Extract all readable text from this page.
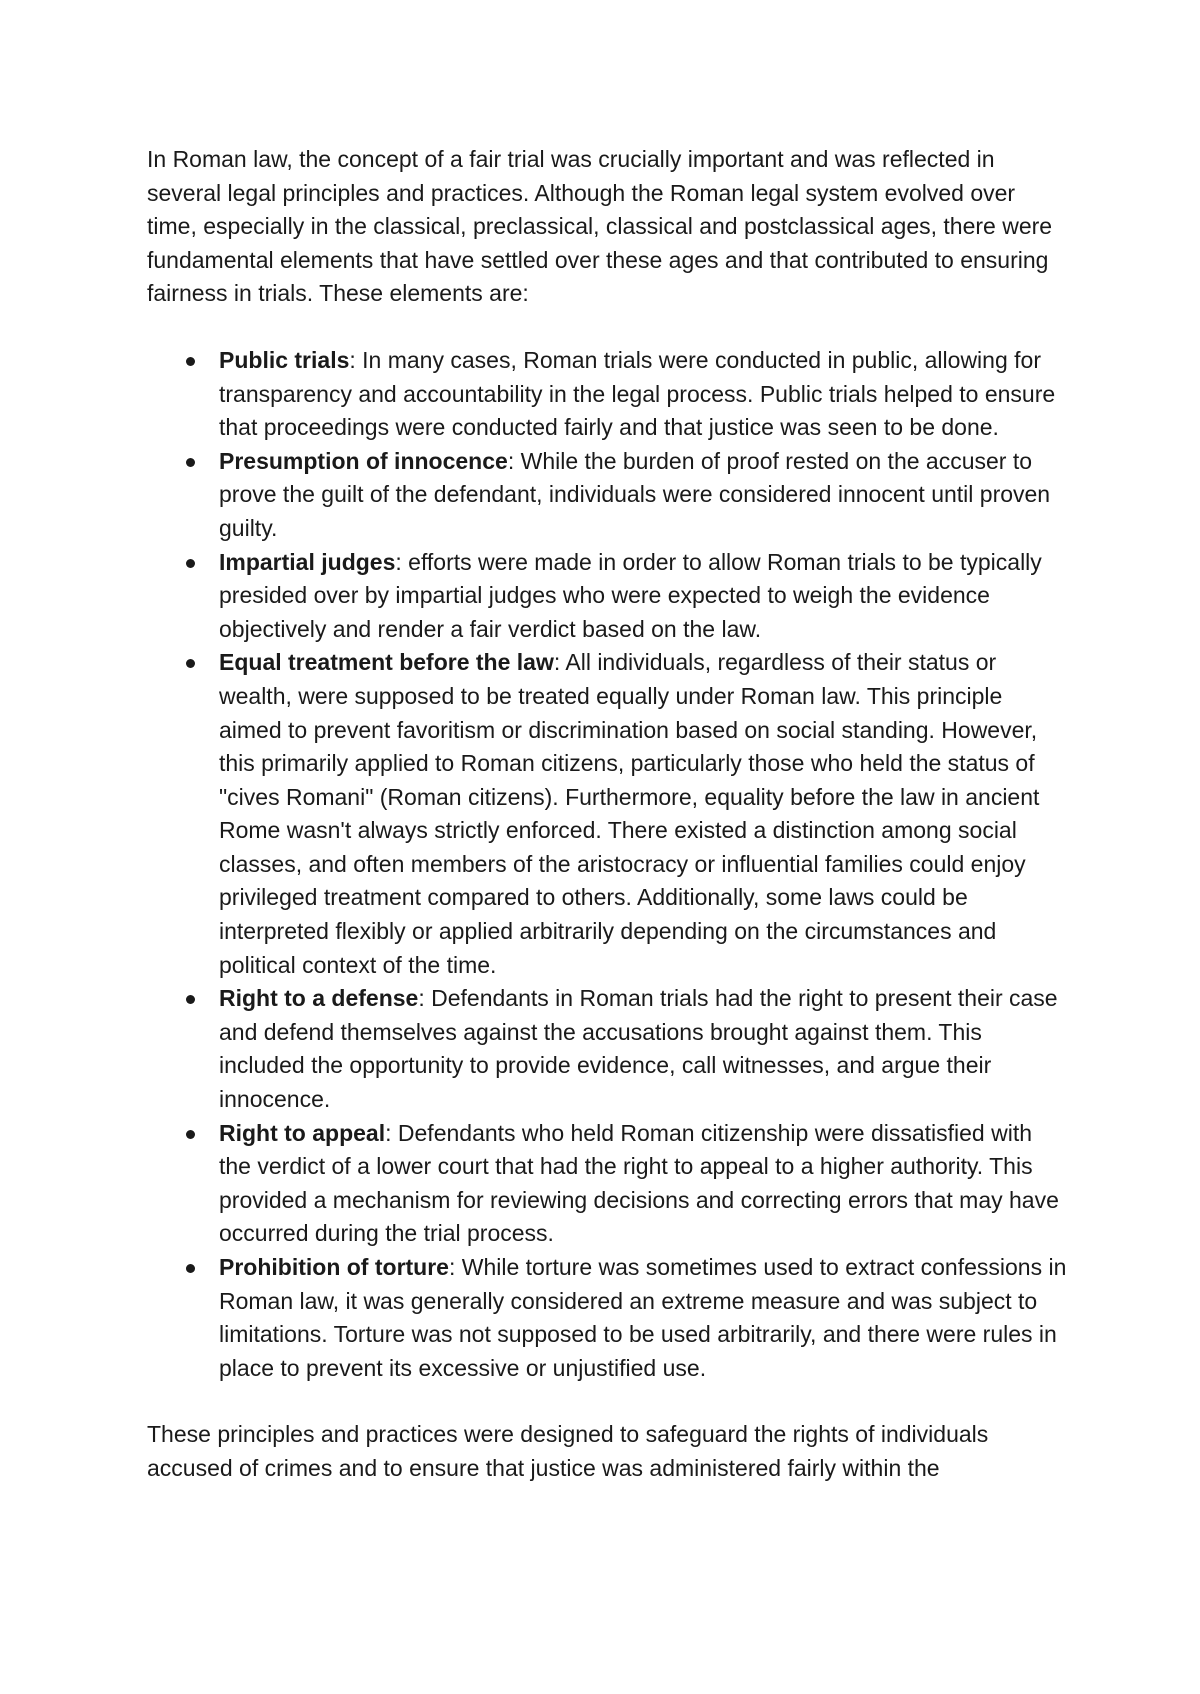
In Roman law, the concept of a fair trial was crucially important and was reflected in several legal principles and practices. Although the Roman legal system evolved over time, especially in the classical, preclassical, classical and postclassical ages, there were fundamental elements that have settled over these ages and that contributed to ensuring fairness in trials. These elements are:

Public trials: In many cases, Roman trials were conducted in public, allowing for transparency and accountability in the legal process. Public trials helped to ensure that proceedings were conducted fairly and that justice was seen to be done.
Presumption of innocence: While the burden of proof rested on the accuser to prove the guilt of the defendant, individuals were considered innocent until proven guilty.
Impartial judges: efforts were made in order to allow Roman trials to be typically presided over by impartial judges who were expected to weigh the evidence objectively and render a fair verdict based on the law.
Equal treatment before the law: All individuals, regardless of their status or wealth, were supposed to be treated equally under Roman law. This principle aimed to prevent favoritism or discrimination based on social standing. However, this primarily applied to Roman citizens, particularly those who held the status of "cives Romani" (Roman citizens). Furthermore, equality before the law in ancient Rome wasn't always strictly enforced. There existed a distinction among social classes, and often members of the aristocracy or influential families could enjoy privileged treatment compared to others. Additionally, some laws could be interpreted flexibly or applied arbitrarily depending on the circumstances and political context of the time.
Right to a defense: Defendants in Roman trials had the right to present their case and defend themselves against the accusations brought against them. This included the opportunity to provide evidence, call witnesses, and argue their innocence.
Right to appeal: Defendants who held Roman citizenship were dissatisfied with the verdict of a lower court that had the right to appeal to a higher authority. This provided a mechanism for reviewing decisions and correcting errors that may have occurred during the trial process.
Prohibition of torture: While torture was sometimes used to extract confessions in Roman law, it was generally considered an extreme measure and was subject to limitations. Torture was not supposed to be used arbitrarily, and there were rules in place to prevent its excessive or unjustified use.

These principles and practices were designed to safeguard the rights of individuals accused of crimes and to ensure that justice was administered fairly within the
